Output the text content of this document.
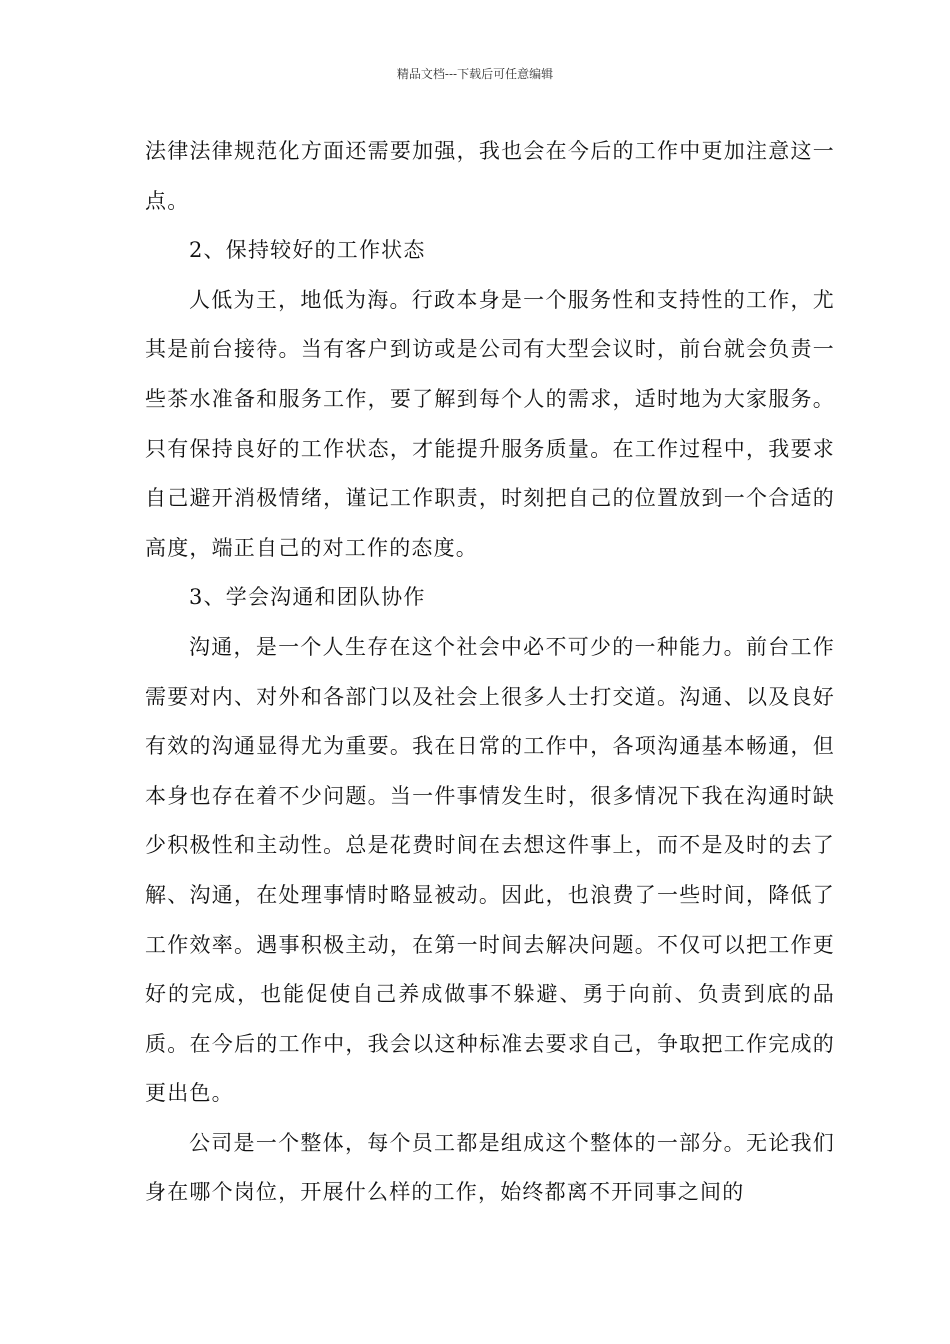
精品文档---下载后可任意编辑

法律法律规范化方面还需要加强，我也会在今后的工作中更加注意这一点。

2、保持较好的工作状态

人低为王，地低为海。行政本身是一个服务性和支持性的工作，尤其是前台接待。当有客户到访或是公司有大型会议时，前台就会负责一些茶水准备和服务工作，要了解到每个人的需求，适时地为大家服务。只有保持良好的工作状态，才能提升服务质量。在工作过程中，我要求自己避开消极情绪，谨记工作职责，时刻把自己的位置放到一个合适的高度，端正自己的对工作的态度。

3、学会沟通和团队协作

沟通，是一个人生存在这个社会中必不可少的一种能力。前台工作需要对内、对外和各部门以及社会上很多人士打交道。沟通、以及良好有效的沟通显得尤为重要。我在日常的工作中，各项沟通基本畅通，但本身也存在着不少问题。当一件事情发生时，很多情况下我在沟通时缺少积极性和主动性。总是花费时间在去想这件事上，而不是及时的去了解、沟通，在处理事情时略显被动。因此，也浪费了一些时间，降低了工作效率。遇事积极主动，在第一时间去解决问题。不仅可以把工作更好的完成，也能促使自己养成做事不躲避、勇于向前、负责到底的品质。在今后的工作中，我会以这种标准去要求自己，争取把工作完成的更出色。

公司是一个整体，每个员工都是组成这个整体的一部分。无论我们身在哪个岗位，开展什么样的工作，始终都离不开同事之间的
